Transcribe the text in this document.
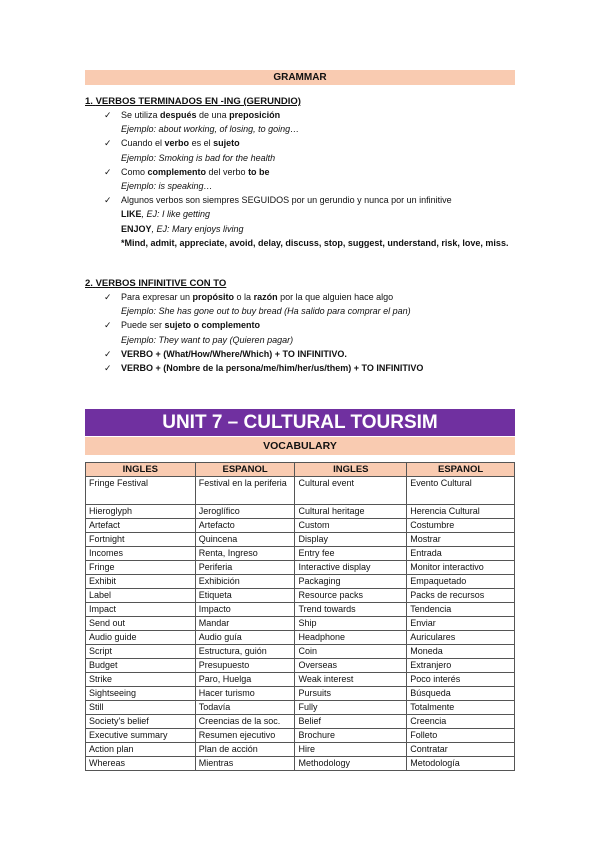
GRAMMAR
1. VERBOS TERMINADOS EN -ING (GERUNDIO)
✓ Se utiliza después de una preposición
Ejemplo: about working, of losing, to going…
✓ Cuando el verbo es el sujeto
Ejemplo: Smoking is bad for the health
✓ Como complemento del verbo to be
Ejemplo: is speaking…
✓ Algunos verbos son siempres SEGUIDOS por un gerundio y nunca por un infinitive
LIKE, EJ: I like getting
ENJOY, EJ: Mary enjoys living
*Mind, admit, appreciate, avoid, delay, discuss, stop, suggest, understand, risk, love, miss.
2. VERBOS INFINITIVE CON TO
✓ Para expresar un propósito o la razón por la que alguien hace algo
Ejemplo: She has gone out to buy bread (Ha salido para comprar el pan)
✓ Puede ser sujeto o complemento
Ejemplo: They want to pay (Quieren pagar)
✓ VERBO + (What/How/Where/Which) + TO INFINITIVO.
✓ VERBO + (Nombre de la persona/me/him/her/us/them) + TO INFINITIVO
UNIT 7 – CULTURAL TOURSIM
VOCABULARY
INGLES	ESPANOL	INGLES	ESPANOL
Fringe Festival	Festival en la periferia	Cultural event	Evento Cultural
Hieroglyph	Jeroglífico	Cultural heritage	Herencia Cultural
Artefact	Artefacto	Custom	Costumbre
Fortnight	Quincena	Display	Mostrar
Incomes	Renta, Ingreso	Entry fee	Entrada
Fringe	Periferia	Interactive display	Monitor interactivo
Exhibit	Exhibición	Packaging	Empaquetado
Label	Etiqueta	Resource packs	Packs de recursos
Impact	Impacto	Trend towards	Tendencia
Send out	Mandar	Ship	Enviar
Audio guide	Audio guía	Headphone	Auriculares
Script	Estructura, guión	Coin	Moneda
Budget	Presupuesto	Overseas	Extranjero
Strike	Paro, Huelga	Weak interest	Poco interés
Sightseeing	Hacer turismo	Pursuits	Búsqueda
Still	Todavía	Fully	Totalmente
Society's belief	Creencias de la soc.	Belief	Creencia
Executive summary	Resumen ejecutivo	Brochure	Folleto
Action plan	Plan de acción	Hire	Contratar
Whereas	Mientras	Methodology	Metodología
